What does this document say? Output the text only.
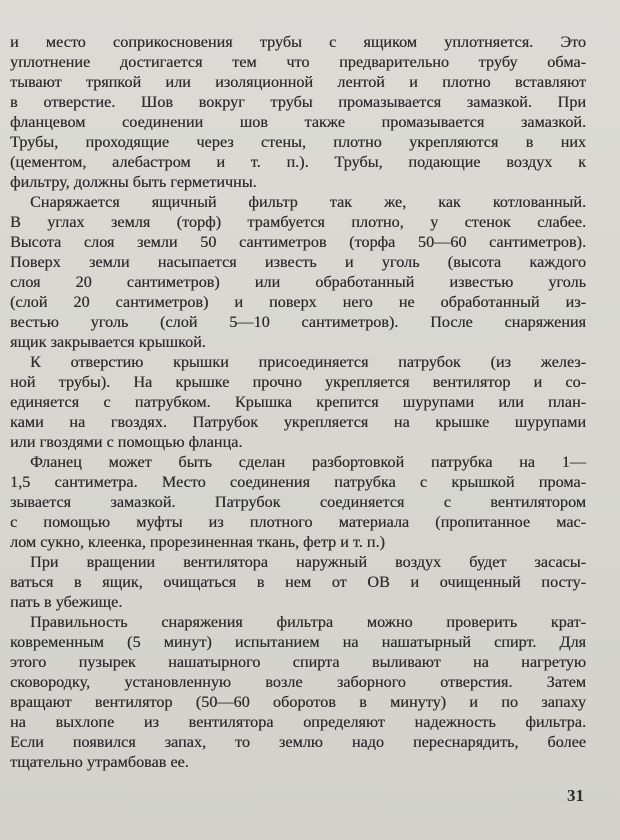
и место соприкосновения трубы с ящиком уплотняется. Это
уплотнение достигается тем что предварительно трубу обма-
тывают тряпкой или изоляционной лентой и плотно вставляют
в отверстие. Шов вокруг трубы промазывается замазкой. При
фланцевом соединении шов также промазывается замазкой.
Трубы, проходящие через стены, плотно укрепляются в них
(цементом, алебастром и т. п.). Трубы, подающие воздух к
фильтру, должны быть герметичны.
Снаряжается ящичный фильтр так же, как котлованный.
В углах земля (торф) трамбуется плотно, у стенок слабее.
Высота слоя земли 50 сантиметров (торфа 50—60 сантиметров).
Поверх земли насыпается известь и уголь (высота каждого
слоя 20 сантиметров) или обработанный известью уголь
(слой 20 сантиметров) и поверх него не обработанный из-
вестью уголь (слой 5—10 сантиметров). После снаряжения
ящик закрывается крышкой.
К отверстию крышки присоединяется патрубок (из желез-
ной трубы). На крышке прочно укрепляется вентилятор и со-
единяется с патрубком. Крышка крепится шурупами или план-
ками на гвоздях. Патрубок укрепляется на крышке шурупами
или гвоздями с помощью фланца.
Фланец может быть сделан разбортовкой патрубка на 1—
1,5 сантиметра. Место соединения патрубка с крышкой прома-
зывается замазкой. Патрубок соединяется с вентилятором
с помощью муфты из плотного материала (пропитанное мас-
лом сукно, клеенка, прорезиненная ткань, фетр и т. п.)
При вращении вентилятора наружный воздух будет засасы-
ваться в ящик, очищаться в нем от ОВ и очищенный посту-
пать в убежище.
Правильность снаряжения фильтра можно проверить крат-
ковременным (5 минут) испытанием на нашатырный спирт. Для
этого пузырек нашатырного спирта выливают на нагретую
сковородку, установленную возле заборного отверстия. Затем
вращают вентилятор (50—60 оборотов в минуту) и по запаху
на выхлопе из вентилятора определяют надежность фильтра.
Если появился запах, то землю надо переснарядить, более
тщательно утрамбовав ее.
31
